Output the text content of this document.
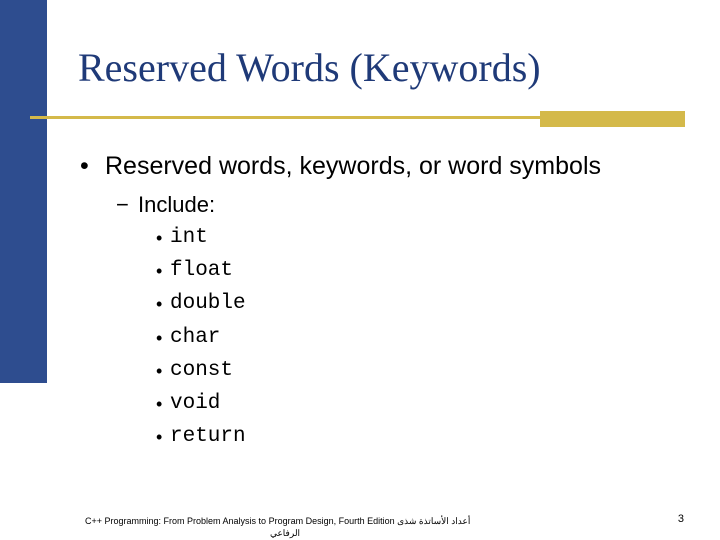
Reserved Words (Keywords)
• Reserved words, keywords, or word symbols
− Include:
• int
• float
• double
• char
• const
• void
• return
C++ Programming: From Problem Analysis to Program Design, Fourth Edition أعداد الأساتذة شذى
الرفاعي
3
